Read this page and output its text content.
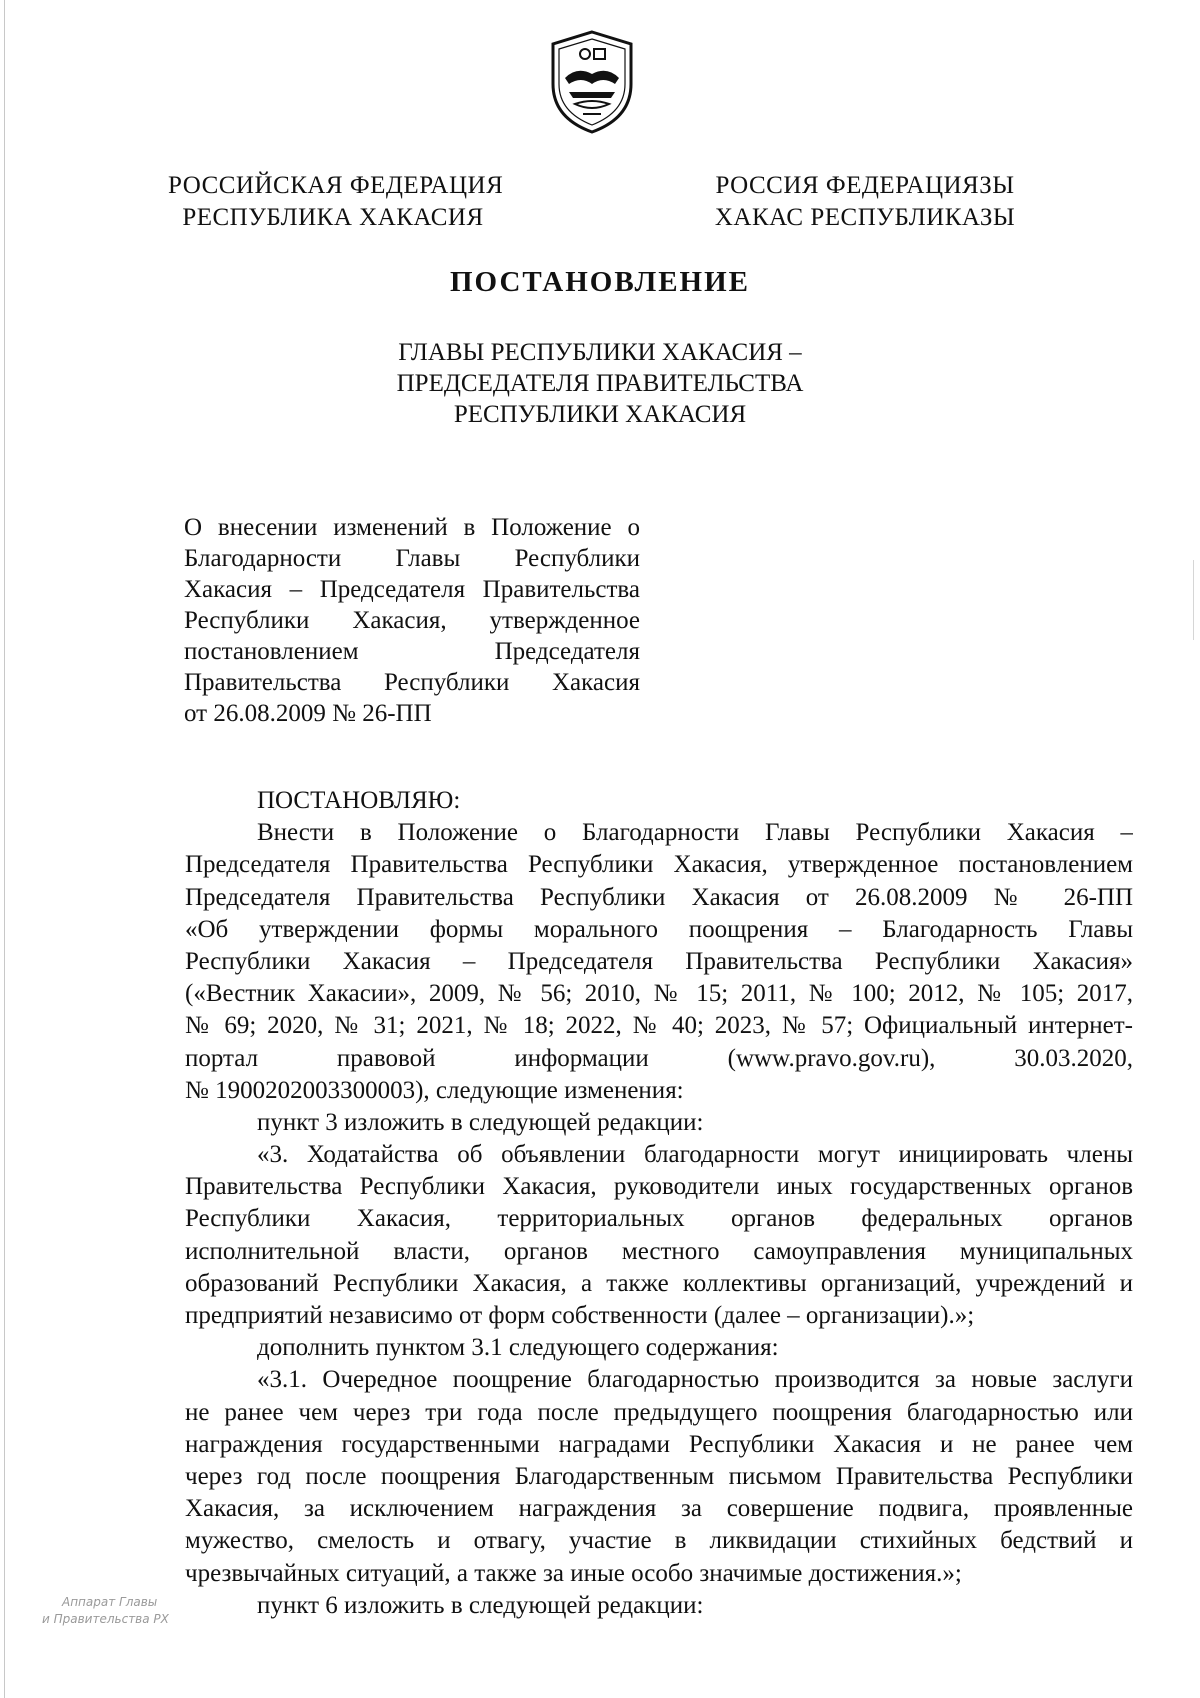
РОССИЙСКАЯ ФЕДЕРАЦИЯ
РЕСПУБЛИКА ХАКАСИЯ
РОССИЯ ФЕДЕРАЦИЯЗЫ
ХАКАС РЕСПУБЛИКАЗЫ
ПОСТАНОВЛЕНИЕ
ГЛАВЫ РЕСПУБЛИКИ ХАКАСИЯ –
ПРЕДСЕДАТЕЛЯ ПРАВИТЕЛЬСТВА
РЕСПУБЛИКИ ХАКАСИЯ
О внесении изменений в Положение о
Благодарности Главы Республики
Хакасия – Председателя Правительства
Республики Хакасия, утвержденное
постановлением Председателя
Правительства Республики Хакасия
от 26.08.2009 № 26-ПП
ПОСТАНОВЛЯЮ:
Внести в Положение о Благодарности Главы Республики Хакасия –
Председателя Правительства Республики Хакасия, утвержденное постановлением
Председателя Правительства Республики Хакасия от 26.08.2009 № 26-ПП
«Об утверждении формы морального поощрения – Благодарность Главы
Республики Хакасия – Председателя Правительства Республики Хакасия»
(«Вестник Хакасии», 2009, № 56; 2010, № 15; 2011, № 100; 2012, № 105; 2017,
№ 69; 2020, № 31; 2021, № 18; 2022, № 40; 2023, № 57; Официальный интернет-
портал правовой информации (www.pravo.gov.ru), 30.03.2020,
№ 1900202003300003), следующие изменения:
пункт 3 изложить в следующей редакции:
«3. Ходатайства об объявлении благодарности могут инициировать члены
Правительства Республики Хакасия, руководители иных государственных органов
Республики Хакасия, территориальных органов федеральных органов
исполнительной власти, органов местного самоуправления муниципальных
образований Республики Хакасия, а также коллективы организаций, учреждений и
предприятий независимо от форм собственности (далее – организации).»;
дополнить пунктом 3.1 следующего содержания:
«3.1. Очередное поощрение благодарностью производится за новые заслуги
не ранее чем через три года после предыдущего поощрения благодарностью или
награждения государственными наградами Республики Хакасия и не ранее чем
через год после поощрения Благодарственным письмом Правительства Республики
Хакасия, за исключением награждения за совершение подвига, проявленные
мужество, смелость и отвагу, участие в ликвидации стихийных бедствий и
чрезвычайных ситуаций, а также за иные особо значимые достижения.»;
пункт 6 изложить в следующей редакции:
Аппарат Главы
и Правительства РХ
